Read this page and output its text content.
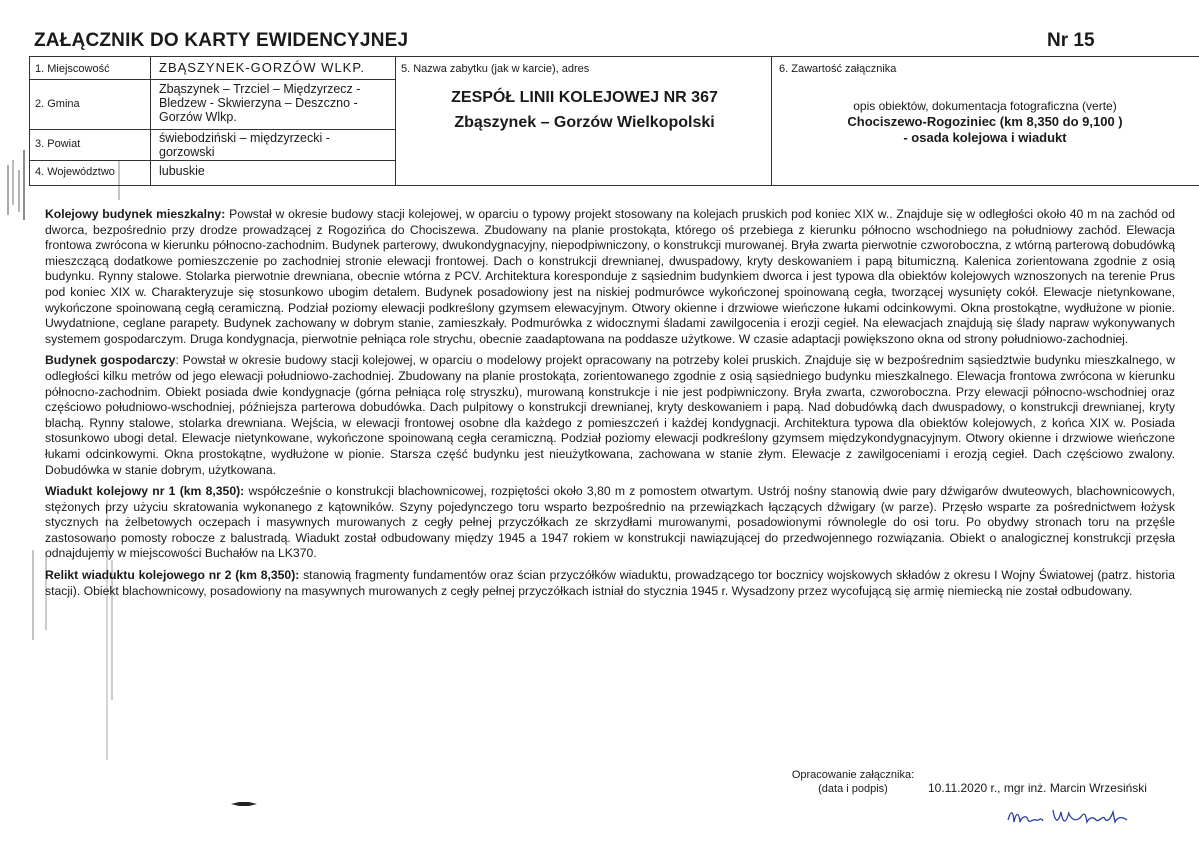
ZAŁĄCZNIK DO KARTY EWIDENCYJNEJ	Nr 15
1. Miejscowość	ZBĄSZYNEK-GORZÓW WLKP.
2. Gmina
Zbąszynek – Trzciel – Międzyrzecz - Bledzew - Skwierzyna – Deszczno - Gorzów Wlkp.
3. Powiat	świebodziński – międzyrzecki - gorzowski
4. Województwo	lubuskie
5. Nazwa zabytku (jak w karcie), adres
ZESPÓŁ LINII KOLEJOWEJ NR 367
Zbąszynek – Gorzów Wielkopolski
6. Zawartość załącznika
opis obiektów, dokumentacja fotograficzna (verte)
Chociszewo-Rogoziniec (km 8,350 do 9,100 )
- osada kolejowa i wiadukt

Kolejowy budynek mieszkalny: Powstał w okresie budowy stacji kolejowej, w oparciu o typowy projekt stosowany na kolejach pruskich pod koniec XIX w.. Znajduje się w odległości około 40 m na zachód od dworca, bezpośrednio przy drodze prowadzącej z Rogozińca do Chociszewa. Zbudowany na planie prostokąta, którego oś przebiega z kierunku północno wschodniego na południowy zachód. Elewacja frontowa zwrócona w kierunku północno-zachodnim. Budynek parterowy, dwukondygnacyjny, niepodpiwniczony, o konstrukcji murowanej. Bryła zwarta pierwotnie czworoboczna, z wtórną parterową dobudówką mieszczącą dodatkowe pomieszczenie po zachodniej stronie elewacji frontowej. Dach o konstrukcji drewnianej, dwuspadowy, kryty deskowaniem i papą bitumiczną. Kalenica zorientowana zgodnie z osią budynku. Rynny stalowe. Stolarka pierwotnie drewniana, obecnie wtórna z PCV. Architektura koresponduje z sąsiednim budynkiem dworca i jest typowa dla obiektów kolejowych wznoszonych na terenie Prus pod koniec XIX w. Charakteryzuje się stosunkowo ubogim detalem. Budynek posadowiony jest na niskiej podmurówce wykończonej spoinowaną cegła, tworzącej wysunięty cokół. Elewacje nietynkowane, wykończone spoinowaną cegłą ceramiczną. Podział poziomy elewacji podkreślony gzymsem elewacyjnym. Otwory okienne i drzwiowe wieńczone łukami odcinkowymi. Okna prostokątne, wydłużone w pionie. Uwydatnione, ceglane parapety. Budynek zachowany w dobrym stanie, zamieszkały. Podmurówka z widocznymi śladami zawilgocenia i erozji cegieł. Na elewacjach znajdują się ślady napraw wykonywanych systemem gospodarczym. Druga kondygnacja, pierwotnie pełniąca role strychu, obecnie zaadaptowana na poddasze użytkowe. W czasie adaptacji powiększono okna od strony południowo-zachodniej.

Budynek gospodarczy: Powstał w okresie budowy stacji kolejowej, w oparciu o modelowy projekt opracowany na potrzeby kolei pruskich. Znajduje się w bezpośrednim sąsiedztwie budynku mieszkalnego, w odległości kilku metrów od jego elewacji południowo-zachodniej. Zbudowany na planie prostokąta, zorientowanego zgodnie z osią sąsiedniego budynku mieszkalnego. Elewacja frontowa zwrócona w kierunku północno-zachodnim. Obiekt posiada dwie kondygnacje (górna pełniąca rolę stryszku), murowaną konstrukcje i nie jest podpiwniczony. Bryła zwarta, czworoboczna. Przy elewacji północno-wschodniej oraz częściowo południowo-wschodniej, późniejsza parterowa dobudówka. Dach pulpitowy o konstrukcji drewnianej, kryty deskowaniem i papą. Nad dobudówką dach dwuspadowy, o konstrukcji drewnianej, kryty blachą. Rynny stalowe, stolarka drewniana. Wejścia, w elewacji frontowej osobne dla każdego z pomieszczeń i każdej kondygnacji. Architektura typowa dla obiektów kolejowych, z końca XIX w. Posiada stosunkowo ubogi detal. Elewacje nietynkowane, wykończone spoinowaną cegła ceramiczną. Podział poziomy elewacji podkreślony gzymsem międzykondygnacyjnym. Otwory okienne i drzwiowe wieńczone łukami odcinkowymi. Okna prostokątne, wydłużone w pionie. Starsza część budynku jest nieużytkowana, zachowana w stanie złym. Elewacje z zawilgoceniami i erozją cegieł. Dach częściowo zwalony. Dobudówka w stanie dobrym, użytkowana.

Wiadukt kolejowy nr 1 (km 8,350): współcześnie o konstrukcji blachownicowej, rozpiętości około 3,80 m z pomostem otwartym. Ustrój nośny stanowią dwie pary dźwigarów dwuteowych, blachownicowych, stężonych przy użyciu skratowania wykonanego z kątowników. Szyny pojedynczego toru wsparto bezpośrednio na przewiązkach łączących dźwigary (w parze). Przęsło wsparte za pośrednictwem łożysk stycznych na żelbetowych oczepach i masywnych murowanych z cegły pełnej przyczółkach ze skrzydłami murowanymi, posadowionymi równolegle do osi toru. Po obydwy stronach toru na przęśle zastosowano pomosty robocze z balustradą. Wiadukt został odbudowany między 1945 a 1947 rokiem w konstrukcji nawiązującej do przedwojennego rozwiązania. Obiekt o analogicznej konstrukcji przęsła odnajdujemy w miejscowości Buchałów na LK370.

Relikt wiaduktu kolejowego nr 2 (km 8,350): stanowią fragmenty fundamentów oraz ścian przyczółków wiaduktu, prowadzącego tor bocznicy wojskowych składów z okresu I Wojny Światowej (patrz. historia stacji). Obiekt blachownicowy, posadowiony na masywnych murowanych z cegły pełnej przyczółkach istniał do stycznia 1945 r. Wysadzony przez wycofującą się armię niemiecką nie został odbudowany.

Opracowanie załącznika:
(data i podpis)	10.11.2020 r., mgr inż. Marcin Wrzesiński
